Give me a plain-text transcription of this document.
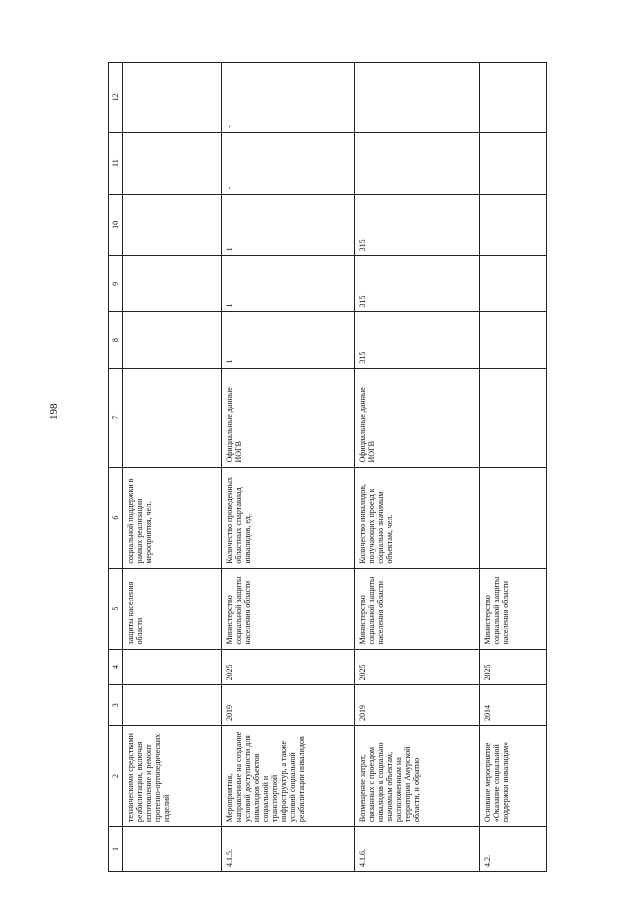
198
1	2	3	4	5	6	7	8	9	10	11	12
	техническими средствами реабилитации, включая изготовление и ремонт протезно-ортопедических изделий			защиты населения области	социальной поддержки в рамках реализации мероприятия, чел.						
4.1.5.	Мероприятия, направленные на создание условий доступности для инвалидов объектов социальной и транспортной инфраструктур, а также условий социальной реабилитации инвалидов	2019	2025	Министерство социальной защиты населения области	Количество проведенных областных спартакиад инвалидов, ед.	Официальные данные ИОГВ	1	1	1	-	-
4.1.6.	Возмещение затрат, связанных с проездом инвалидов к социально значимым объектам, расположенным на территории Амурской области, и обратно	2019	2025	Министерство социальной защиты населения области	Количество инвалидов, получающих проезд к социально значимым объектам, чел.	Официальные данные ИОГВ	315	315	315		
4.2.	Основное мероприятие «Оказание социальной поддержки инвалидам»	2014	2025	Министерство социальной защиты населения области							
